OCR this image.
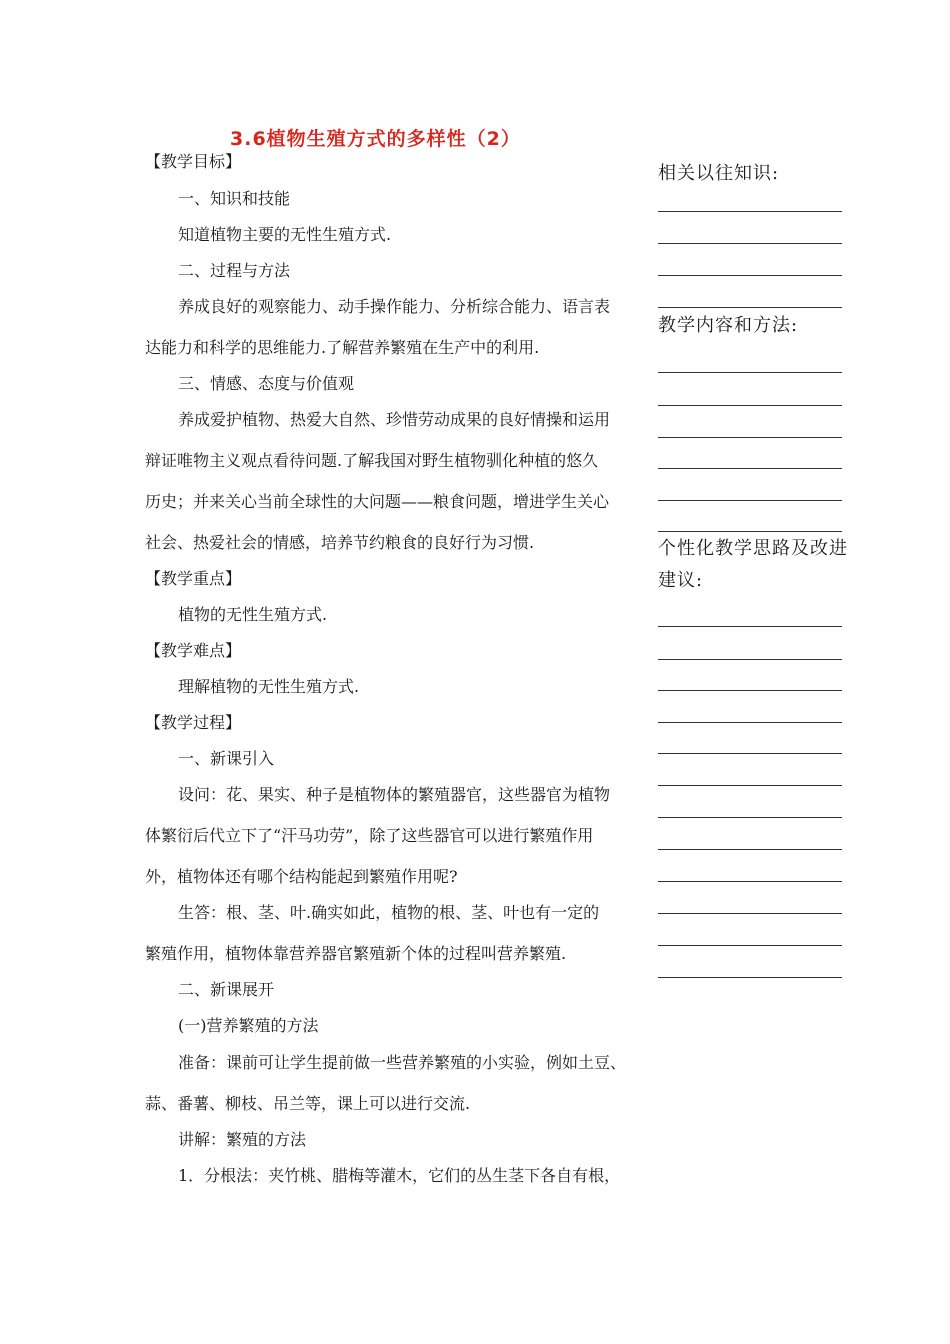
3.6植物生殖方式的多样性（2）
【教学目标】
一、知识和技能
知道植物主要的无性生殖方式.
二、过程与方法
养成良好的观察能力、动手操作能力、分析综合能力、语言表
达能力和科学的思维能力.了解营养繁殖在生产中的利用.
三、情感、态度与价值观
养成爱护植物、热爱大自然、珍惜劳动成果的良好情操和运用
辩证唯物主义观点看待问题.了解我国对野生植物驯化种植的悠久
历史；并来关心当前全球性的大问题——粮食问题，增进学生关心
社会、热爱社会的情感，培养节约粮食的良好行为习惯.
【教学重点】
植物的无性生殖方式.
【教学难点】
理解植物的无性生殖方式.
【教学过程】
一、新课引入
设问：花、果实、种子是植物体的繁殖器官，这些器官为植物
体繁衍后代立下了“汗马功劳”，除了这些器官可以进行繁殖作用
外，植物体还有哪个结构能起到繁殖作用呢?
生答：根、茎、叶.确实如此，植物的根、茎、叶也有一定的
繁殖作用，植物体靠营养器官繁殖新个体的过程叫营养繁殖.
二、新课展开
(一)营养繁殖的方法
准备：课前可让学生提前做一些营养繁殖的小实验，例如土豆、
蒜、番薯、柳枝、吊兰等，课上可以进行交流.
讲解：繁殖的方法
1．分根法：夹竹桃、腊梅等灌木，它们的丛生茎下各自有根，
相关以往知识:
教学内容和方法:
个性化教学思路及改进
建议:
